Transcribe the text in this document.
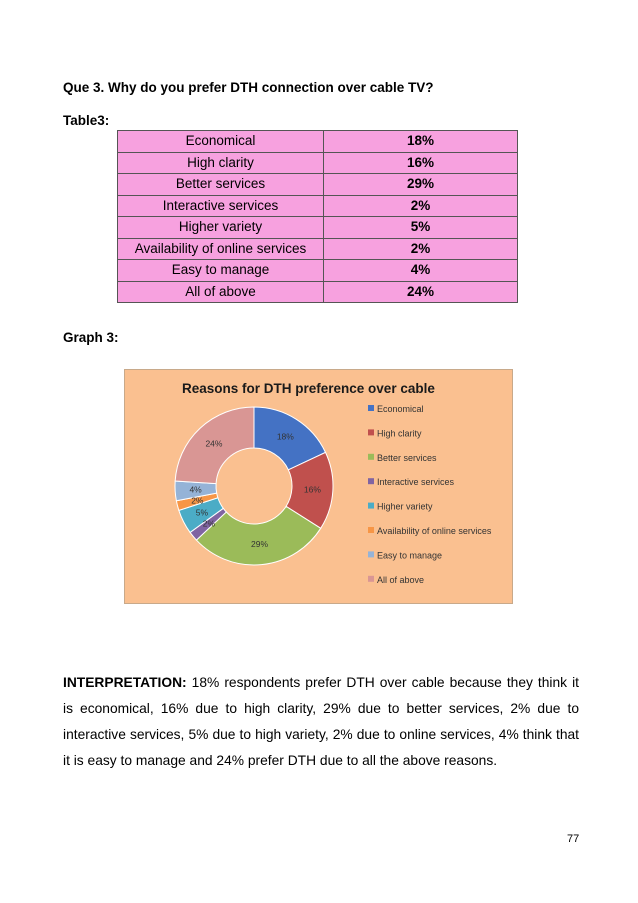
Que 3. Why do you prefer DTH connection over cable TV?
Table3:
Economical	18%
High clarity	16%
Better services	29%
Interactive services	2%
Higher variety	5%
Availability of online services	2%
Easy to manage	4%
All of above	24%
Graph 3:
Reasons for DTH preference over cable
18%
16%
29%
2%
5%
2%
4%
24%
Economical
High clarity
Better services
Interactive services
Higher variety
Availability of online services
Easy to manage
All of above
INTERPRETATION: 18% respondents prefer DTH over cable because they think it is economical, 16% due to high clarity, 29% due to better services, 2% due to interactive services, 5% due to high variety, 2% due to online services, 4% think that it is easy to manage and 24% prefer DTH due to all the above reasons.
77
